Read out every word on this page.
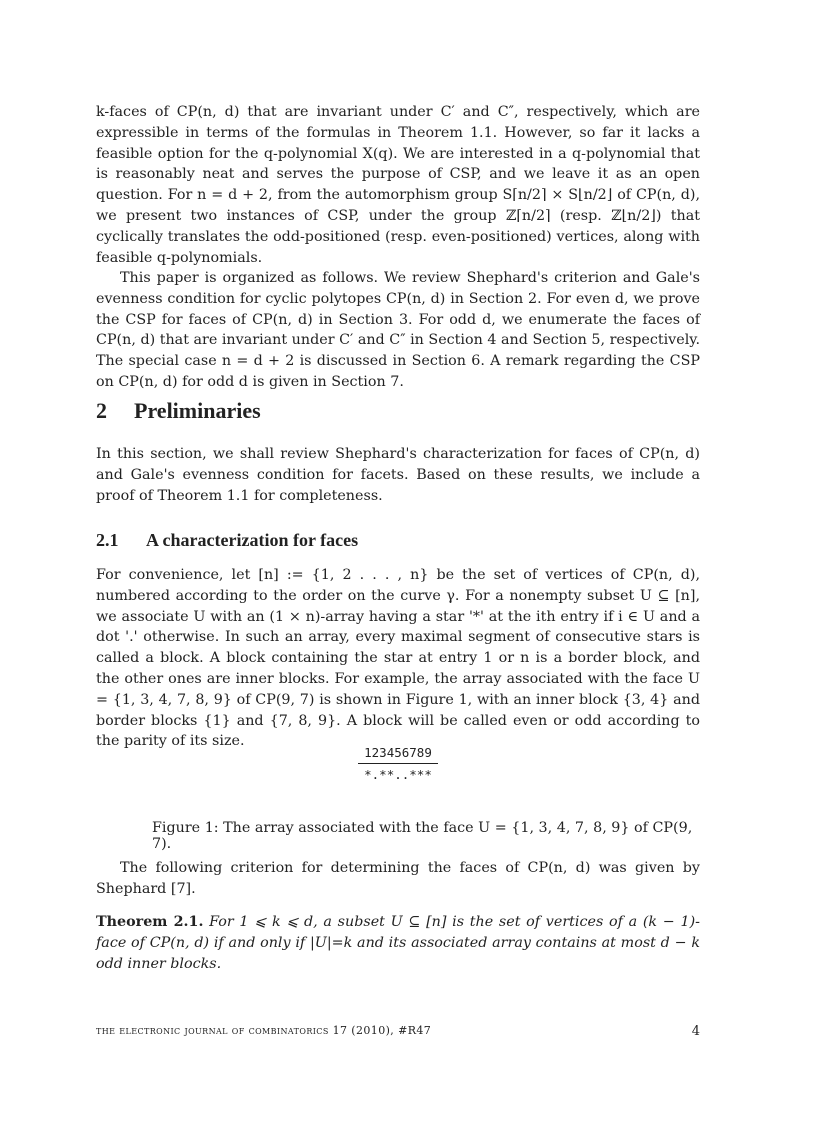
k-faces of CP(n, d) that are invariant under C′ and C″, respectively, which are expressible in terms of the formulas in Theorem 1.1. However, so far it lacks a feasible option for the q-polynomial X(q). We are interested in a q-polynomial that is reasonably neat and serves the purpose of CSP, and we leave it as an open question. For n = d + 2, from the automorphism group S⌈n/2⌉ × S⌊n/2⌋ of CP(n, d), we present two instances of CSP, under the group ℤ⌈n/2⌉ (resp. ℤ⌊n/2⌋) that cyclically translates the odd-positioned (resp. even-positioned) vertices, along with feasible q-polynomials.

This paper is organized as follows. We review Shephard's criterion and Gale's evenness condition for cyclic polytopes CP(n, d) in Section 2. For even d, we prove the CSP for faces of CP(n, d) in Section 3. For odd d, we enumerate the faces of CP(n, d) that are invariant under C′ and C″ in Section 4 and Section 5, respectively. The special case n = d + 2 is discussed in Section 6. A remark regarding the CSP on CP(n, d) for odd d is given in Section 7.

2 Preliminaries

In this section, we shall review Shephard's characterization for faces of CP(n, d) and Gale's evenness condition for facets. Based on these results, we include a proof of Theorem 1.1 for completeness.

2.1 A characterization for faces

For convenience, let [n] := {1, 2 . . . , n} be the set of vertices of CP(n, d), numbered according to the order on the curve γ. For a nonempty subset U ⊆ [n], we associate U with an (1 × n)-array having a star '*' at the ith entry if i ∈ U and a dot '.' otherwise. In such an array, every maximal segment of consecutive stars is called a block. A block containing the star at entry 1 or n is a border block, and the other ones are inner blocks. For example, the array associated with the face U = {1, 3, 4, 7, 8, 9} of CP(9, 7) is shown in Figure 1, with an inner block {3, 4} and border blocks {1} and {7, 8, 9}. A block will be called even or odd according to the parity of its size.

123456789
*.**..***
Figure 1: The array associated with the face U = {1, 3, 4, 7, 8, 9} of CP(9, 7).

The following criterion for determining the faces of CP(n, d) was given by Shephard [7].

Theorem 2.1. For 1 ⩽ k ⩽ d, a subset U ⊆ [n] is the set of vertices of a (k − 1)-face of CP(n, d) if and only if |U|=k and its associated array contains at most d − k odd inner blocks.
the electronic journal of combinatorics 17 (2010), #R47	4
